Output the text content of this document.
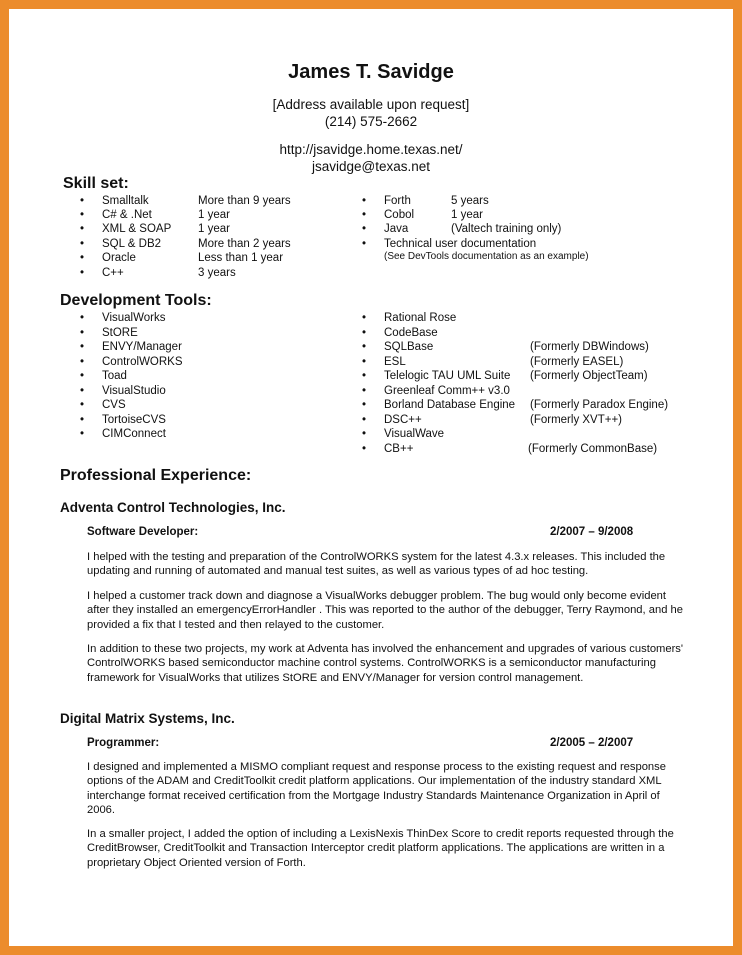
James T. Savidge
[Address available upon request]
(214) 575-2662
http://jsavidge.home.texas.net/
jsavidge@texas.net
Skill set:
• Smalltalk	More than 9 years
• C# & .Net	1 year
• XML & SOAP 1 year
• SQL & DB2	More than 2 years
• Oracle	Less than 1 year
• C++	3 years
• Forth	5 years
• Cobol	1 year
• Java	(Valtech training only)
• Technical user documentation
(See DevTools documentation as an example)
Development Tools:
• VisualWorks
• StORE
• ENVY/Manager
• ControlWORKS
• Toad
• VisualStudio
• CVS
• TortoiseCVS
• CIMConnect
• Rational Rose
• CodeBase
• SQLBase	(Formerly DBWindows)
• ESL	(Formerly EASEL)
• Telelogic TAU UML Suite (Formerly ObjectTeam)
• Greenleaf Comm++ v3.0
• Borland Database Engine (Formerly Paradox Engine)
• DSC++	(Formerly XVT++)
• VisualWave
• CB++	(Formerly CommonBase)
Professional Experience:
Adventa Control Technologies, Inc.
Software Developer:	2/2007 – 9/2008

I helped with the testing and preparation of the ControlWORKS system for the latest 4.3.x releases. This included the updating and running of automated and manual test suites, as well as various types of ad hoc testing.

I helped a customer track down and diagnose a VisualWorks debugger problem. The bug would only become evident after they installed an emergencyErrorHandler . This was reported to the author of the debugger, Terry Raymond, and he provided a fix that I tested and then relayed to the customer.

In addition to these two projects, my work at Adventa has involved the enhancement and upgrades of various customers' ControlWORKS based semiconductor machine control systems. ControlWORKS is a semiconductor manufacturing framework for VisualWorks that utilizes StORE and ENVY/Manager for version control management.

Digital Matrix Systems, Inc.
Programmer:	2/2005 – 2/2007

I designed and implemented a MISMO compliant request and response process to the existing request and response options of the ADAM and CreditToolkit credit platform applications. Our implementation of the industry standard XML interchange format received certification from the Mortgage Industry Standards Maintenance Organization in April of 2006.

In a smaller project, I added the option of including a LexisNexis ThinDex Score to credit reports requested through the CreditBrowser, CreditToolkit and Transaction Interceptor credit platform applications. The applications are written in a proprietary Object Oriented version of Forth.
